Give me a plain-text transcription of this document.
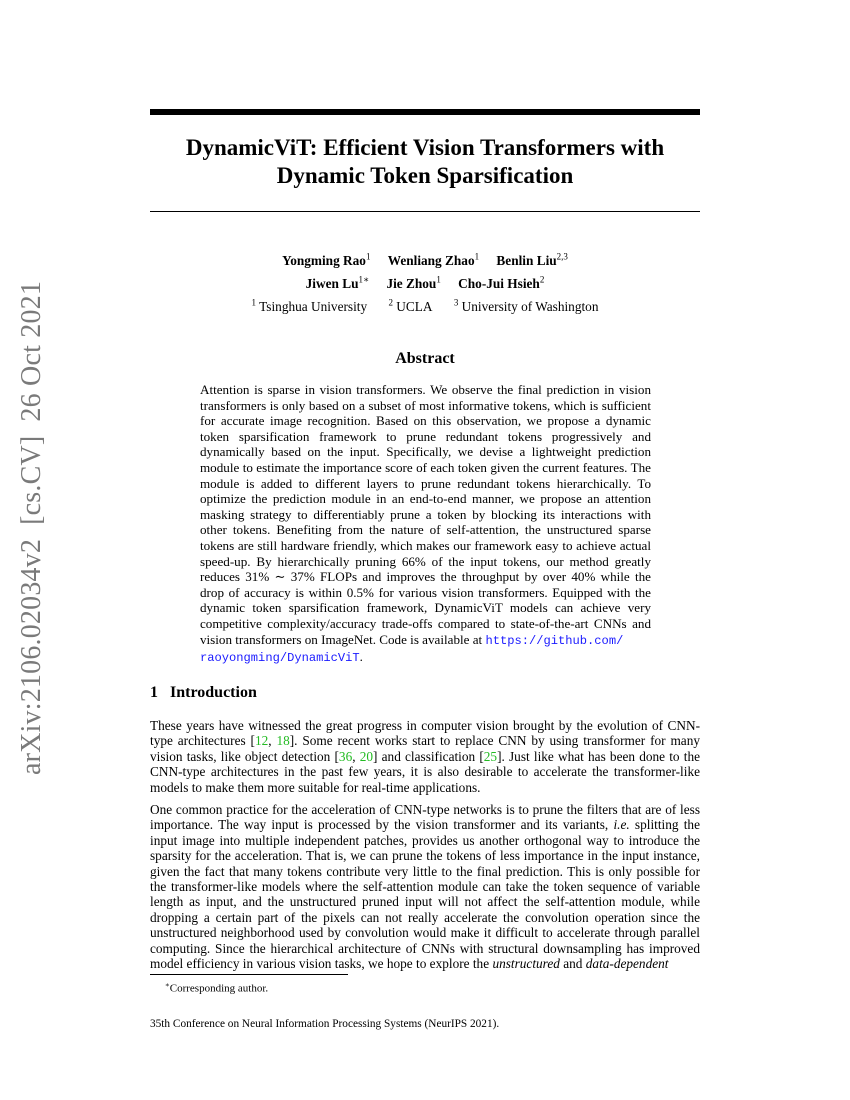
arXiv:2106.02034v2[cs.CV]26 Oct 2021
DynamicViT: Efficient Vision Transformers with
Dynamic Token Sparsification
Yongming Rao$^1$ Wenliang Zhao$^1$ Benlin Liu$^{2,3}$
Jiwen $Lu^{1∗}$ Jie Zhou$^1$ Cho-Jui Hsieh$^2$
$^1$ Tsinghua University $^2$ UCLA $^3$ University of Washington
Abstract
Attention is sparse in vision transformers. We observe the final prediction in vision transformers is only based on a subset of most informative tokens, which is sufficient for accurate image recognition. Based on this observation, we propose a dynamic token sparsification framework to prune redundant tokens progressively and dynamically based on the input. Specifically, we devise a lightweight prediction module to estimate the importance score of each token given the current features. The module is added to different layers to prune redundant tokens hierarchically. To optimize the prediction module in an end-to-end manner, we propose an attention masking strategy to differentiably prune a token by blocking its interactions with other tokens. Benefiting from the nature of self-attention, the unstructured sparse tokens are still hardware friendly, which makes our framework easy to achieve actual speed-up. By hierarchically pruning 66% of the input tokens, our method greatly reduces 31% ∼ 37% FLOPs and improves the throughput by over 40% while the drop of accuracy is within 0.5% for various vision transformers. Equipped with the dynamic token sparsification framework, DynamicViT models can achieve very competitive complexity/accuracy trade-offs compared to state-of-the-art CNNs and vision transformers on ImageNet. Code is available at https://github.com/
raoyongming/DynamicViT.
1 Introduction
These years have witnessed the great progress in computer vision brought by the evolution of CNN-type architectures [12, 18]. Some recent works start to replace CNN by using transformer for many vision tasks, like object detection [36, 20] and classification [25]. Just like what has been done to the CNN-type architectures in the past few years, it is also desirable to accelerate the transformer-like models to make them more suitable for real-time applications.
One common practice for the acceleration of CNN-type networks is to prune the filters that are of less importance. The way input is processed by the vision transformer and its variants, i.e. splitting the input image into multiple independent patches, provides us another orthogonal way to introduce the sparsity for the acceleration. That is, we can prune the tokens of less importance in the input instance, given the fact that many tokens contribute very little to the final prediction. This is only possible for the transformer-like models where the self-attention module can take the token sequence of variable length as input, and the unstructured pruned input will not affect the self-attention module, while dropping a certain part of the pixels can not really accelerate the convolution operation since the unstructured neighborhood used by convolution would make it difficult to accelerate through parallel computing. Since the hierarchical architecture of CNNs with structural downsampling has improved model efficiency in various vision tasks, we hope to explore the unstructured and data-dependent
∗Corresponding author.
35th Conference on Neural Information Processing Systems (NeurIPS 2021).
